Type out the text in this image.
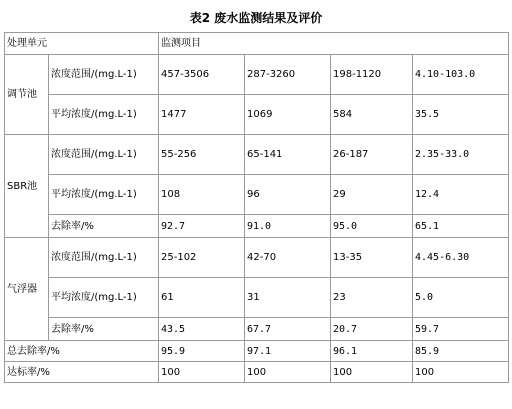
表2 废水监测结果及评价
处理单元		监测项目			
调节池	浓度范围/(mg.L-1)	457-3506	287-3260	198-1120	4.10-103.0
	平均浓度/(mg.L-1)	1477	1069	584	35.5
SBR池	浓度范围/(mg.L-1)	55-256	65-141	26-187	2.35-33.0
	平均浓度/(mg.L-1)	108	96	29	12.4
	去除率/%	92.7	91.0	95.0	65.1
气浮器	浓度范围/(mg.L-1)	25-102	42-70	13-35	4.45-6.30
	平均浓度/(mg.L-1)	61	31	23	5.0
	去除率/%	43.5	67.7	20.7	59.7
总去除率/%		95.9	97.1	96.1	85.9
达标率/%		100	100	100	100
